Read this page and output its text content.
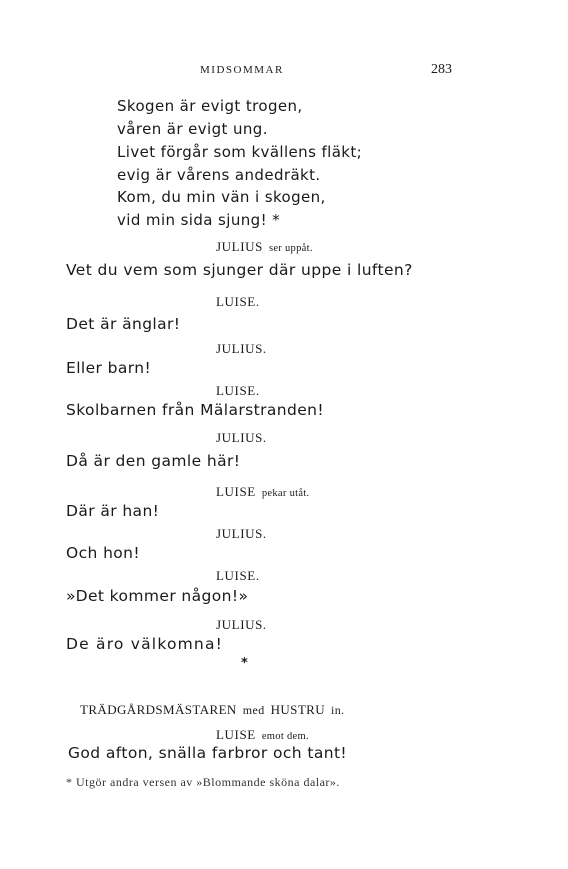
MIDSOMMAR	283
Skogen är evigt trogen,
våren är evigt ung.
Livet förgår som kvällens fläkt;
evig är vårens andedräkt.
Kom, du min vän i skogen,
vid min sida sjung! *
JULIUS ser uppåt.
Vet du vem som sjunger där uppe i luften?
LUISE.
Det är änglar!
JULIUS.
Eller barn!
LUISE.
Skolbarnen från Mälarstranden!
JULIUS.
Då är den gamle här!
LUISE pekar utåt.
Där är han!
JULIUS.
Och hon!
LUISE.
»Det kommer någon!»
JULIUS.
De äro välkomna!
*
TRÄDGÅRDSMÄSTAREN med HUSTRU in.
LUISE emot dem.
God afton, snälla farbror och tant!
* Utgör andra versen av »Blommande sköna dalar».
